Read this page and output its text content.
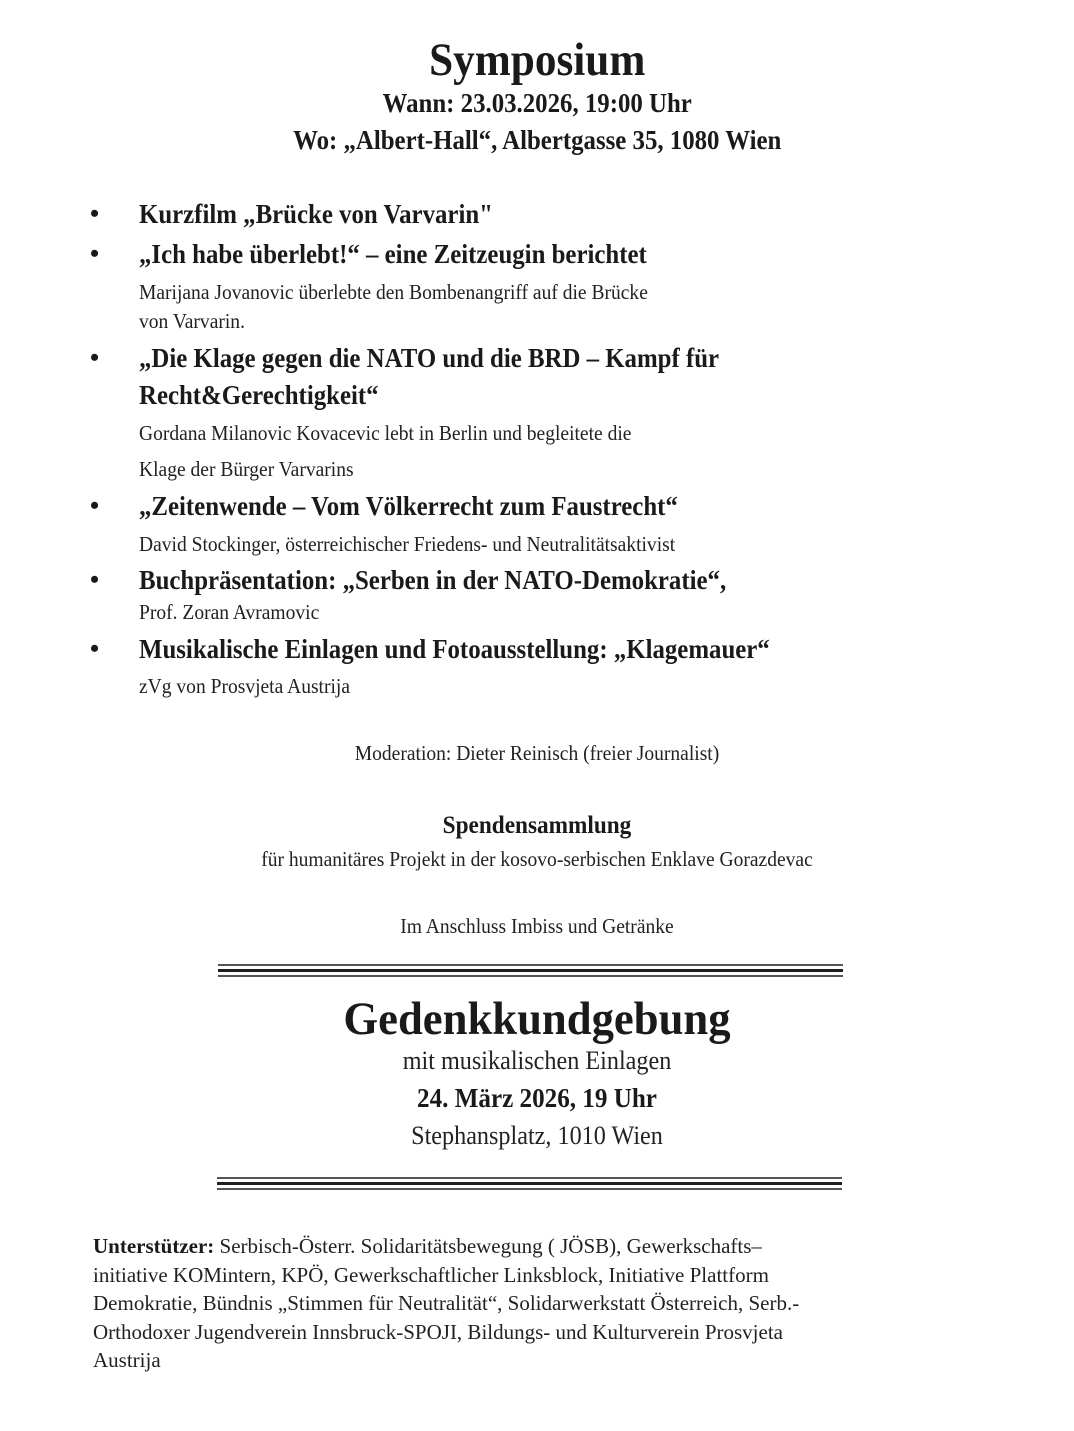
Symposium
Wann: 23.03.2026, 19:00 Uhr
Wo: „Albert-Hall“, Albertgasse 35, 1080 Wien
• Kurzfilm „Brücke von Varvarin"
• „Ich habe überlebt!“ – eine Zeitzeugin berichtet
Marijana Jovanovic überlebte den Bombenangriff auf die Brücke
von Varvarin.
• „Die Klage gegen die NATO und die BRD – Kampf für
Recht&Gerechtigkeit“
Gordana Milanovic Kovacevic lebt in Berlin und begleitete die
Klage der Bürger Varvarins
• „Zeitenwende – Vom Völkerrecht zum Faustrecht“
David Stockinger, österreichischer Friedens- und Neutralitätsaktivist
• Buchpräsentation: „Serben in der NATO-Demokratie“,
Prof. Zoran Avramovic
• Musikalische Einlagen und Fotoausstellung: „Klagemauer“
zVg von Prosvjeta Austrija
Moderation: Dieter Reinisch (freier Journalist)
Spendensammlung
für humanitäres Projekt in der kosovo-serbischen Enklave Gorazdevac
Im Anschluss Imbiss und Getränke
Gedenkkundgebung
mit musikalischen Einlagen
24. März 2026, 19 Uhr
Stephansplatz, 1010 Wien
Unterstützer: Serbisch-Österr. Solidaritätsbewegung ( JÖSB), Gewerkschafts–
initiative KOMintern, KPÖ, Gewerkschaftlicher Linksblock, Initiative Plattform
Demokratie, Bündnis „Stimmen für Neutralität“, Solidarwerkstatt Österreich, Serb.-
Orthodoxer Jugendverein Innsbruck-SPOJI, Bildungs- und Kulturverein Prosvjeta
Austrija
